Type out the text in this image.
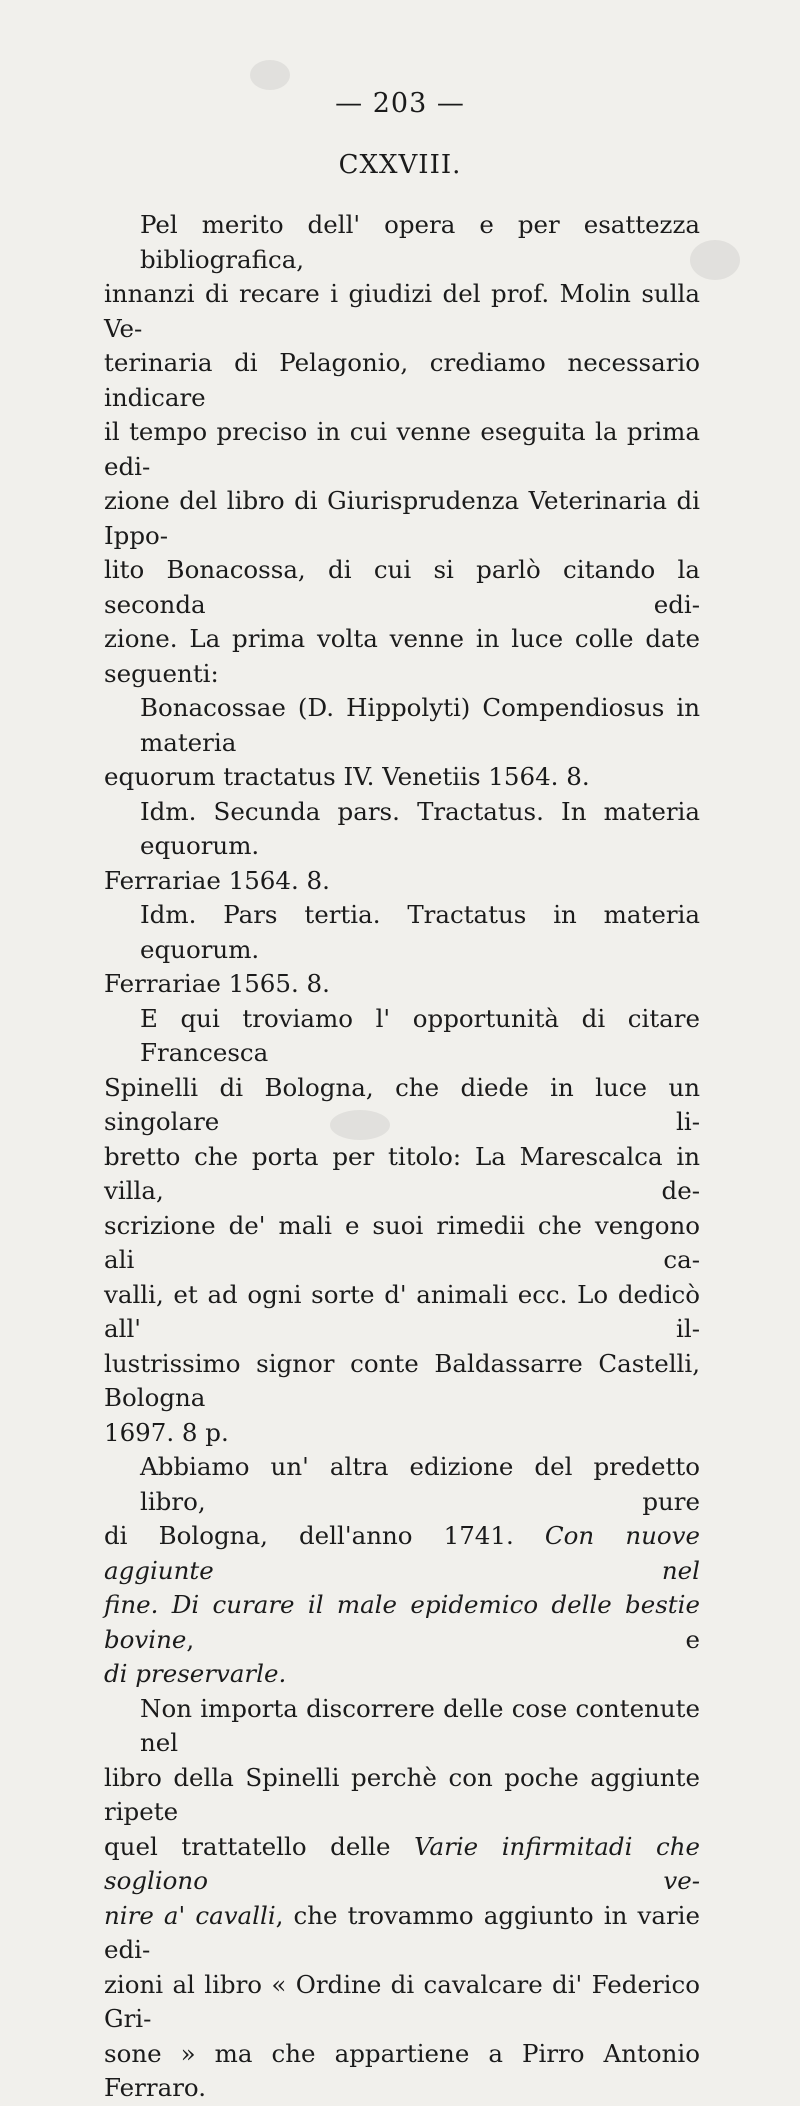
— 203 —
CXXVIII.

Pel merito dell' opera e per esattezza bibliografica,
innanzi di recare i giudizi del prof. Molin sulla Ve-
terinaria di Pelagonio, crediamo necessario indicare
il tempo preciso in cui venne eseguita la prima edi-
zione del libro di Giurisprudenza Veterinaria di Ippo-
lito Bonacossa, di cui si parlò citando la seconda edi-
zione. La prima volta venne in luce colle date seguenti:

Bonacossae (D. Hippolyti) Compendiosus in materia
equorum tractatus IV. Venetiis 1564. 8.

Idm. Secunda pars. Tractatus. In materia equorum.
Ferrariae 1564. 8.

Idm. Pars tertia. Tractatus in materia equorum.
Ferrariae 1565. 8.

E qui troviamo l' opportunità di citare Francesca
Spinelli di Bologna, che diede in luce un singolare li-
bretto che porta per titolo: La Marescalca in villa, de-
scrizione de' mali e suoi rimedii che vengono ali ca-
valli, et ad ogni sorte d' animali ecc. Lo dedicò all' il-
lustrissimo signor conte Baldassarre Castelli, Bologna
1697. 8 p.

Abbiamo un' altra edizione del predetto libro, pure
di Bologna, dell'anno 1741. Con nuove aggiunte nel
fine. Di curare il male epidemico delle bestie bovine, e
di preservarle.

Non importa discorrere delle cose contenute nel
libro della Spinelli perchè con poche aggiunte ripete
quel trattatello delle Varie infirmitadi che sogliono ve-
nire a' cavalli, che trovammo aggiunto in varie edi-
zioni al libro « Ordine di cavalcare di' Federico Gri-
sone » ma che appartiene a Pirro Antonio Ferraro.
